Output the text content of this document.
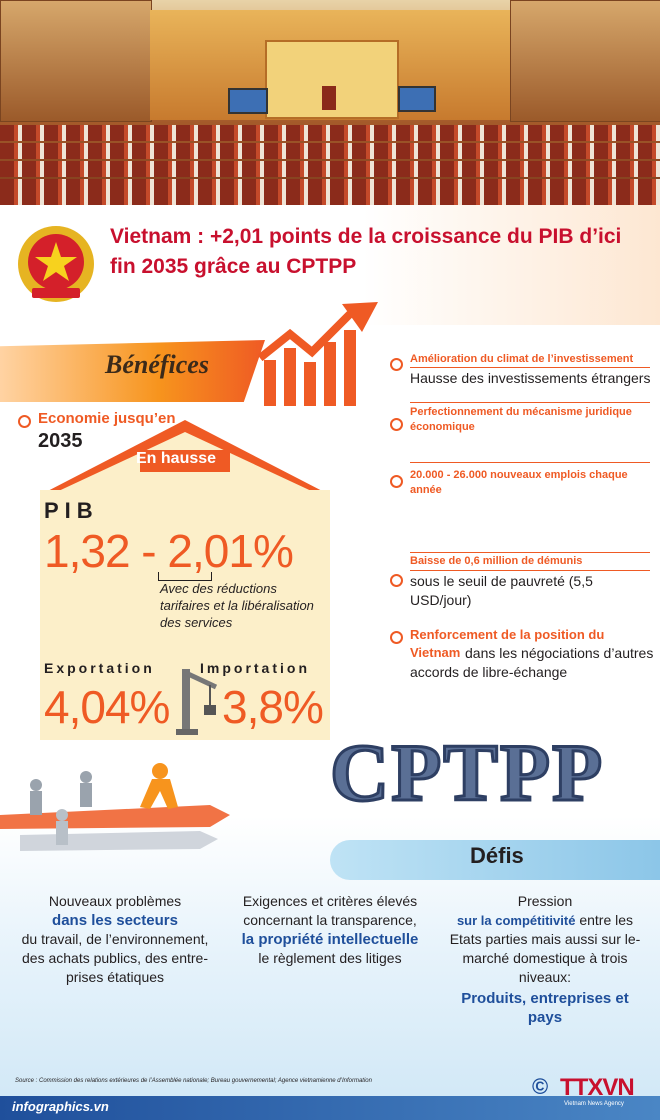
Vietnam : +2,01 points de la croissance du PIB d’ici fin 2035 grâce au CPTPP
Bénéfices
Economie jusqu’en
2035
En hausse
PIB
1,32 - 2,01%
Avec des réductions tarifaires et la libéralisation des services
Exportation	Importation
4,04% 3,8%
Amélioration du climat de l’investissement
Hausse des investissements étrangers
Perfectionnement du mécanisme juridique économique
20.000 - 26.000 nouveaux emplois chaque année
Baisse de 0,6 million de démunis
sous le seuil de pauvreté (5,5 USD/jour)
Renforcement de la position du
Vietnam dans les négociations d’autres accords de libre-échange
CPTPP
Défis
Nouveaux problèmes
dans les secteurs
du travail, de l’environnement, des achats publics, des entre-prises étatiques
Exigences et critères élevés concernant la transparence,
la propriété intellectuelle
le règlement des litiges
Pression
sur la compétitivité entre les Etats parties mais aussi sur le-marché domestique à trois niveaux:
Produits, entreprises et pays
Source : Commission des relations extérieures de l’Assemblée nationale; Bureau gouvernemental; Agence vietnamienne d’Information
infographics.vn
© TTXVN
Vietnam News Agency
